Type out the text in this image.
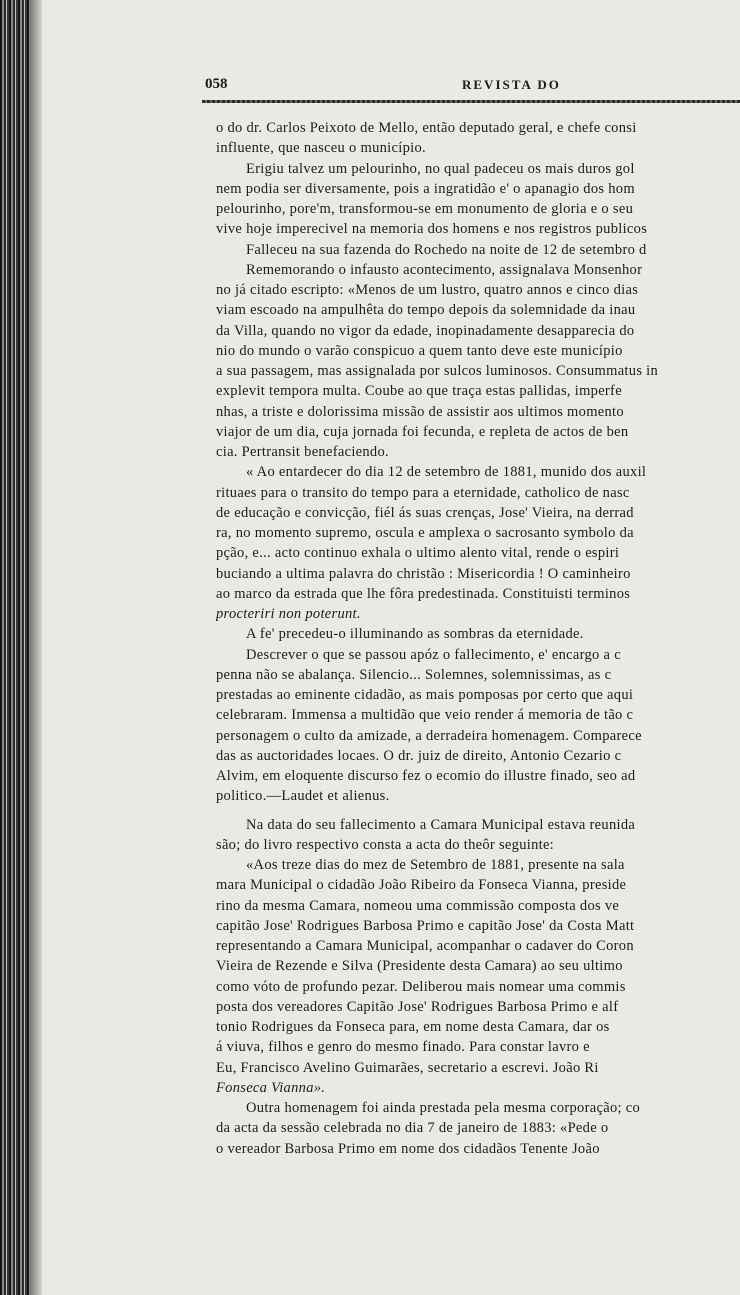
058	REVISTA DO
o do dr. Carlos Peixoto de Mello, então deputado geral, e chefe consi
influente, que nasceu o município.
Erigiu talvez um pelourinho, no qual padeceu os mais duros gol
nem podia ser diversamente, pois a ingratidão e' o apanagio dos hom
pelourinho, pore'm, transformou-se em monumento de gloria e o seu
vive hoje imperecivel na memoria dos homens e nos registros publicos
Falleceu na sua fazenda do Rochedo na noite de 12 de setembro d
Rememorando o infausto acontecimento, assignalava Monsenhor
no já citado escripto: «Menos de um lustro, quatro annos e cinco dias
viam escoado na ampulhêta do tempo depois da solemnidade da inau
da Villa, quando no vigor da edade, inopinadamente desapparecia do
nio do mundo o varão conspicuo a quem tanto deve este município
a sua passagem, mas assignalada por sulcos luminosos. Consummatus in
explevit tempora multa. Coube ao que traça estas pallidas, imperfe
nhas, a triste e dolorissima missão de assistir aos ultimos momento
viajor de um dia, cuja jornada foi fecunda, e repleta de actos de ben
cia. Pertransit benefaciendo.
« Ao entardecer do dia 12 de setembro de 1881, munido dos auxil
rituaes para o transito do tempo para a eternidade, catholico de nasc
de educação e convicção, fiél ás suas crenças, Jose' Vieira, na derrad
ra, no momento supremo, oscula e amplexa o sacrosanto symbolo da
pção, e... acto continuo exhala o ultimo alento vital, rende o espiri
buciando a ultima palavra do christão : Misericordia ! O caminheiro
ao marco da estrada que lhe fôra predestinada. Constituisti terminos
procteriri non poterunt.
A fe' precedeu-o illuminando as sombras da eternidade.
Descrever o que se passou apóz o fallecimento, e' encargo a c
penna não se abalança. Silencio... Solemnes, solemnissimas, as c
prestadas ao eminente cidadão, as mais pomposas por certo que aqui
celebraram. Immensa a multidão que veio render á memoria de tão c
personagem o culto da amizade, a derradeira homenagem. Comparece
das as auctoridades locaes. O dr. juiz de direito, Antonio Cezario c
Alvim, em eloquente discurso fez o ecomio do illustre finado, seo ad
politico.—Laudet et alienus.
Na data do seu fallecimento a Camara Municipal estava reunida
são; do livro respectivo consta a acta do theôr seguinte:
«Aos treze dias do mez de Setembro de 1881, presente na sala
mara Municipal o cidadão João Ribeiro da Fonseca Vianna, preside
rino da mesma Camara, nomeou uma commissão composta dos ve
capitão Jose' Rodrigues Barbosa Primo e capitão Jose' da Costa Matt
representando a Camara Municipal, acompanhar o cadaver do Coron
Vieira de Rezende e Silva (Presidente desta Camara) ao seu ultimo
como vóto de profundo pezar. Deliberou mais nomear uma commis
posta dos vereadores Capitão Jose' Rodrigues Barbosa Primo e alf
tonio Rodrigues da Fonseca para, em nome desta Camara, dar os
á viuva, filhos e genro do mesmo finado. Para constar lavro e
Eu, Francisco Avelino Guimarães, secretario a escrevi. João Ri
Fonseca Vianna».
Outra homenagem foi ainda prestada pela mesma corporação; co
da acta da sessão celebrada no dia 7 de janeiro de 1883: «Pede o
o vereador Barbosa Primo em nome dos cidadãos Tenente João
